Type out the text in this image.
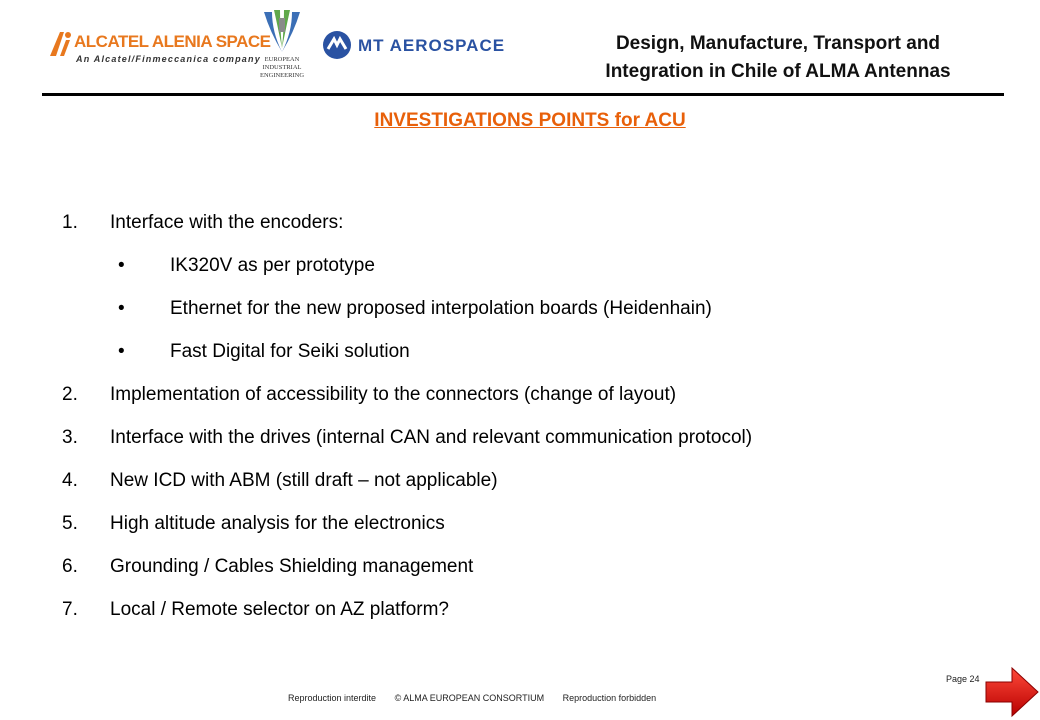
ALCATEL ALENIA SPACE
An Alcatel/Finmeccanica company EUROPEAN
INDUSTRIAL
ENGINEERING
MT AEROSPACE	Design, Manufacture, Transport and
Integration in Chile of ALMA Antennas
INVESTIGATIONS POINTS for ACU
1. Interface with the encoders:
• IK320V as per prototype
• Ethernet for the new proposed interpolation boards (Heidenhain)
• Fast Digital for Seiki solution
2. Implementation of accessibility to the connectors (change of layout)
3. Interface with the drives (internal CAN and relevant communication protocol)
4. New ICD with ABM (still draft – not applicable)
5. High altitude analysis for the electronics
6. Grounding / Cables Shielding management
7. Local / Remote selector on AZ platform?
Page 24
Reproduction interdite © ALMA EUROPEAN CONSORTIUM Reproduction forbidden
